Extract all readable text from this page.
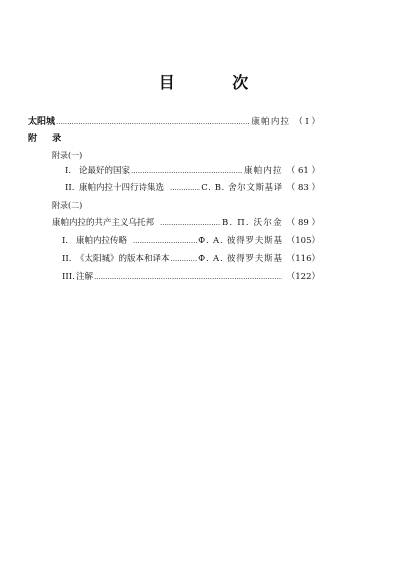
目 次
太阳城 .....	康帕内拉 （ I ）
附 录
附录(一)
I. 论最好的国家 .....	康帕内拉 （ 61 ）
II. 康帕内拉十四行诗集选 .....	C. B. 舍尔文斯基译 （ 83 ）
附录(二)
康帕内拉的共产主义乌托邦 .....	B. П. 沃尔金 （ 89 ）
I. 康帕内拉传略 .....	Ф. A. 彼得罗夫斯基 （105）
II. 《太阳城》的版本和译本 .....	Ф. A. 彼得罗夫斯基 （116）
III.注解 .....	（122）
